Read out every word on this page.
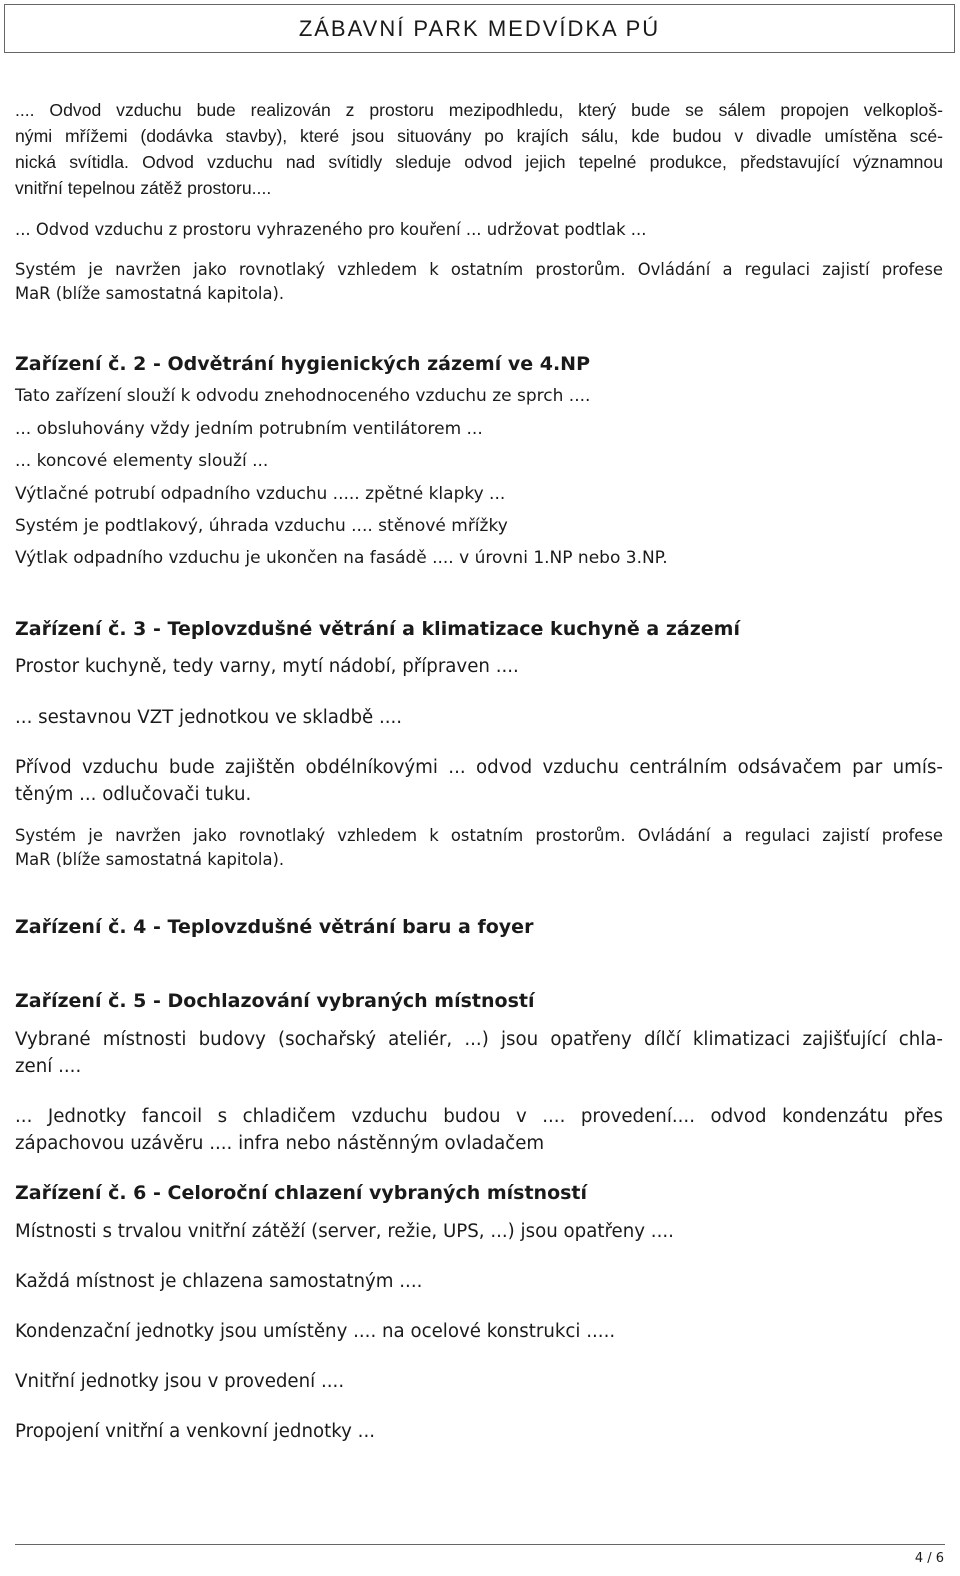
ZÁBAVNÍ PARK MEDVÍDKA PÚ
.... Odvod vzduchu bude realizován z prostoru mezipodhledu, který bude se sálem propojen velkoploš-
nými mřížemi (dodávka stavby), které jsou situovány po krajích sálu, kde budou v divadle umístěna scé-
nická svítidla. Odvod vzduchu nad svítidly sleduje odvod jejich tepelné produkce, představující významnou
vnitřní tepelnou zátěž prostoru....
... Odvod vzduchu z prostoru vyhrazeného pro kouření ... udržovat podtlak ...
Systém je navržen jako rovnotlaký vzhledem k ostatním prostorům. Ovládání a regulaci zajistí profese
MaR (blíže samostatná kapitola).
Zařízení č. 2 - Odvětrání hygienických zázemí ve 4.NP
Tato zařízení slouží k odvodu znehodnoceného vzduchu ze sprch ....
... obsluhovány vždy jedním potrubním ventilátorem ...
... koncové elementy slouží ...
Výtlačné potrubí odpadního vzduchu ..... zpětné klapky ...
Systém je podtlakový, úhrada vzduchu .... stěnové mřížky
Výtlak odpadního vzduchu je ukončen na fasádě .... v úrovni 1.NP nebo 3.NP.
Zařízení č. 3 - Teplovzdušné větrání a klimatizace kuchyně a zázemí
Prostor kuchyně, tedy varny, mytí nádobí, přípraven ....
... sestavnou VZT jednotkou ve skladbě ....
Přívod vzduchu bude zajištěn obdélníkovými ... odvod vzduchu centrálním odsávačem par umís-
těným ... odlučovači tuku.
Systém je navržen jako rovnotlaký vzhledem k ostatním prostorům. Ovládání a regulaci zajistí profese
MaR (blíže samostatná kapitola).
Zařízení č. 4 - Teplovzdušné větrání baru a foyer
Zařízení č. 5 - Dochlazování vybraných místností
Vybrané místnosti budovy (sochařský ateliér, ...) jsou opatřeny dílčí klimatizaci zajišťující chla-
zení ....
... Jednotky fancoil s chladičem vzduchu budou v .... provedení.... odvod kondenzátu přes
zápachovou uzávěru .... infra nebo nástěnným ovladačem
Zařízení č. 6 - Celoroční chlazení vybraných místností
Místnosti s trvalou vnitřní zátěží (server, režie, UPS, ...) jsou opatřeny ....
Každá místnost je chlazena samostatným ....
Kondenzační jednotky jsou umístěny .... na ocelové konstrukci .....
Vnitřní jednotky jsou v provedení ....
Propojení vnitřní a venkovní jednotky ...
4 / 6
